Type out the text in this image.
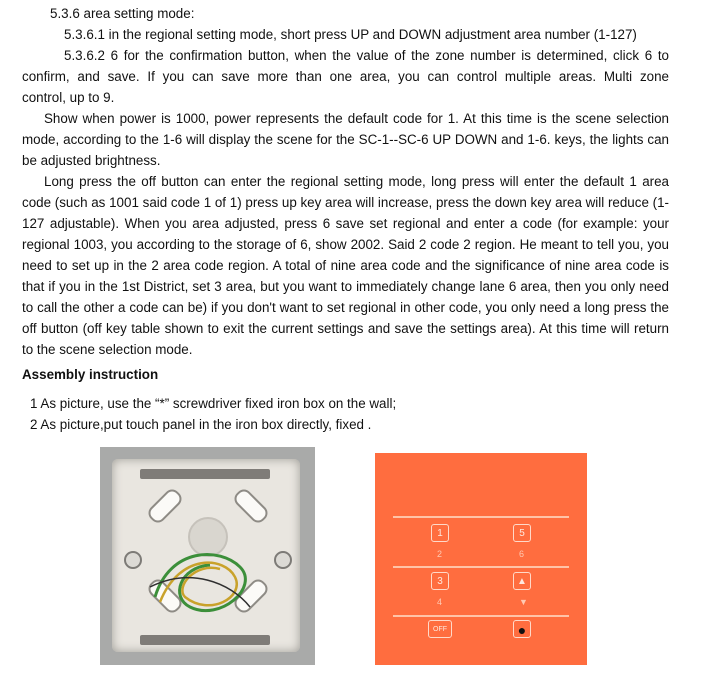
5.3.6 area setting mode:
5.3.6.1 in the regional setting mode, short press UP and DOWN adjustment area number (1-127)
5.3.6.2 6 for the confirmation button, when the value of the zone number is determined, click 6 to
confirm, and save. If you can save more than one area, you can control multiple areas. Multi zone
control, up to 9.
Show when power is 1000, power represents the default code for 1. At this time is the scene selection mode, according to the 1-6 will display the scene for the SC-1--SC-6 UP DOWN and 1-6. keys, the lights can be adjusted brightness.
Long press the off button can enter the regional setting mode, long press will enter the default 1 area code (such as 1001 said code 1 of 1) press up key area will increase, press the down key area will reduce (1-127 adjustable). When you area adjusted, press 6 save set regional and enter a code (for example: your regional 1003, you according to the storage of 6, show 2002. Said 2 code 2 region. He meant to tell you, you need to set up in the 2 area code region. A total of nine area code and the significance of nine area code is that if you in the 1st District, set 3 area, but you want to immediately change lane 6 area, then you only need to call the other a code can be) if you don't want to set regional in other code, you only need a long press the off button (off key table shown to exit the current settings and save the settings area). At this time will return to the scene selection mode.
Assembly instruction
1 As picture, use the “*” screwdriver fixed iron box on the wall;
2 As picture,put touch panel in the iron box directly, fixed .
1
2
5
6
3
4
▲
▼
OFF	●
